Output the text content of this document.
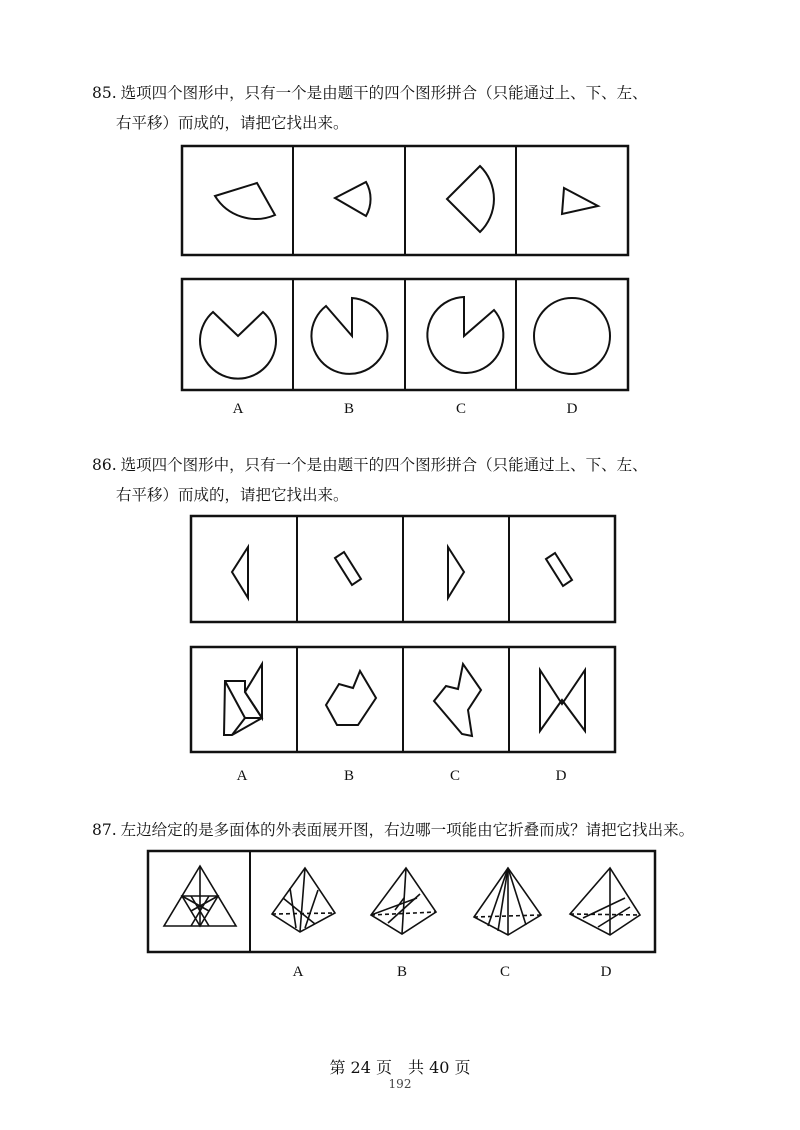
85. 选项四个图形中，只有一个是由题干的四个图形拼合（只能通过上、下、左、
右平移）而成的，请把它找出来。
86. 选项四个图形中，只有一个是由题干的四个图形拼合（只能通过上、下、左、
右平移）而成的，请把它找出来。
87. 左边给定的是多面体的外表面展开图，右边哪一项能由它折叠而成？请把它找出来。
A	B	C	D
A	B	C	D
A	B	C	D
第 24 页　共 40 页
192
